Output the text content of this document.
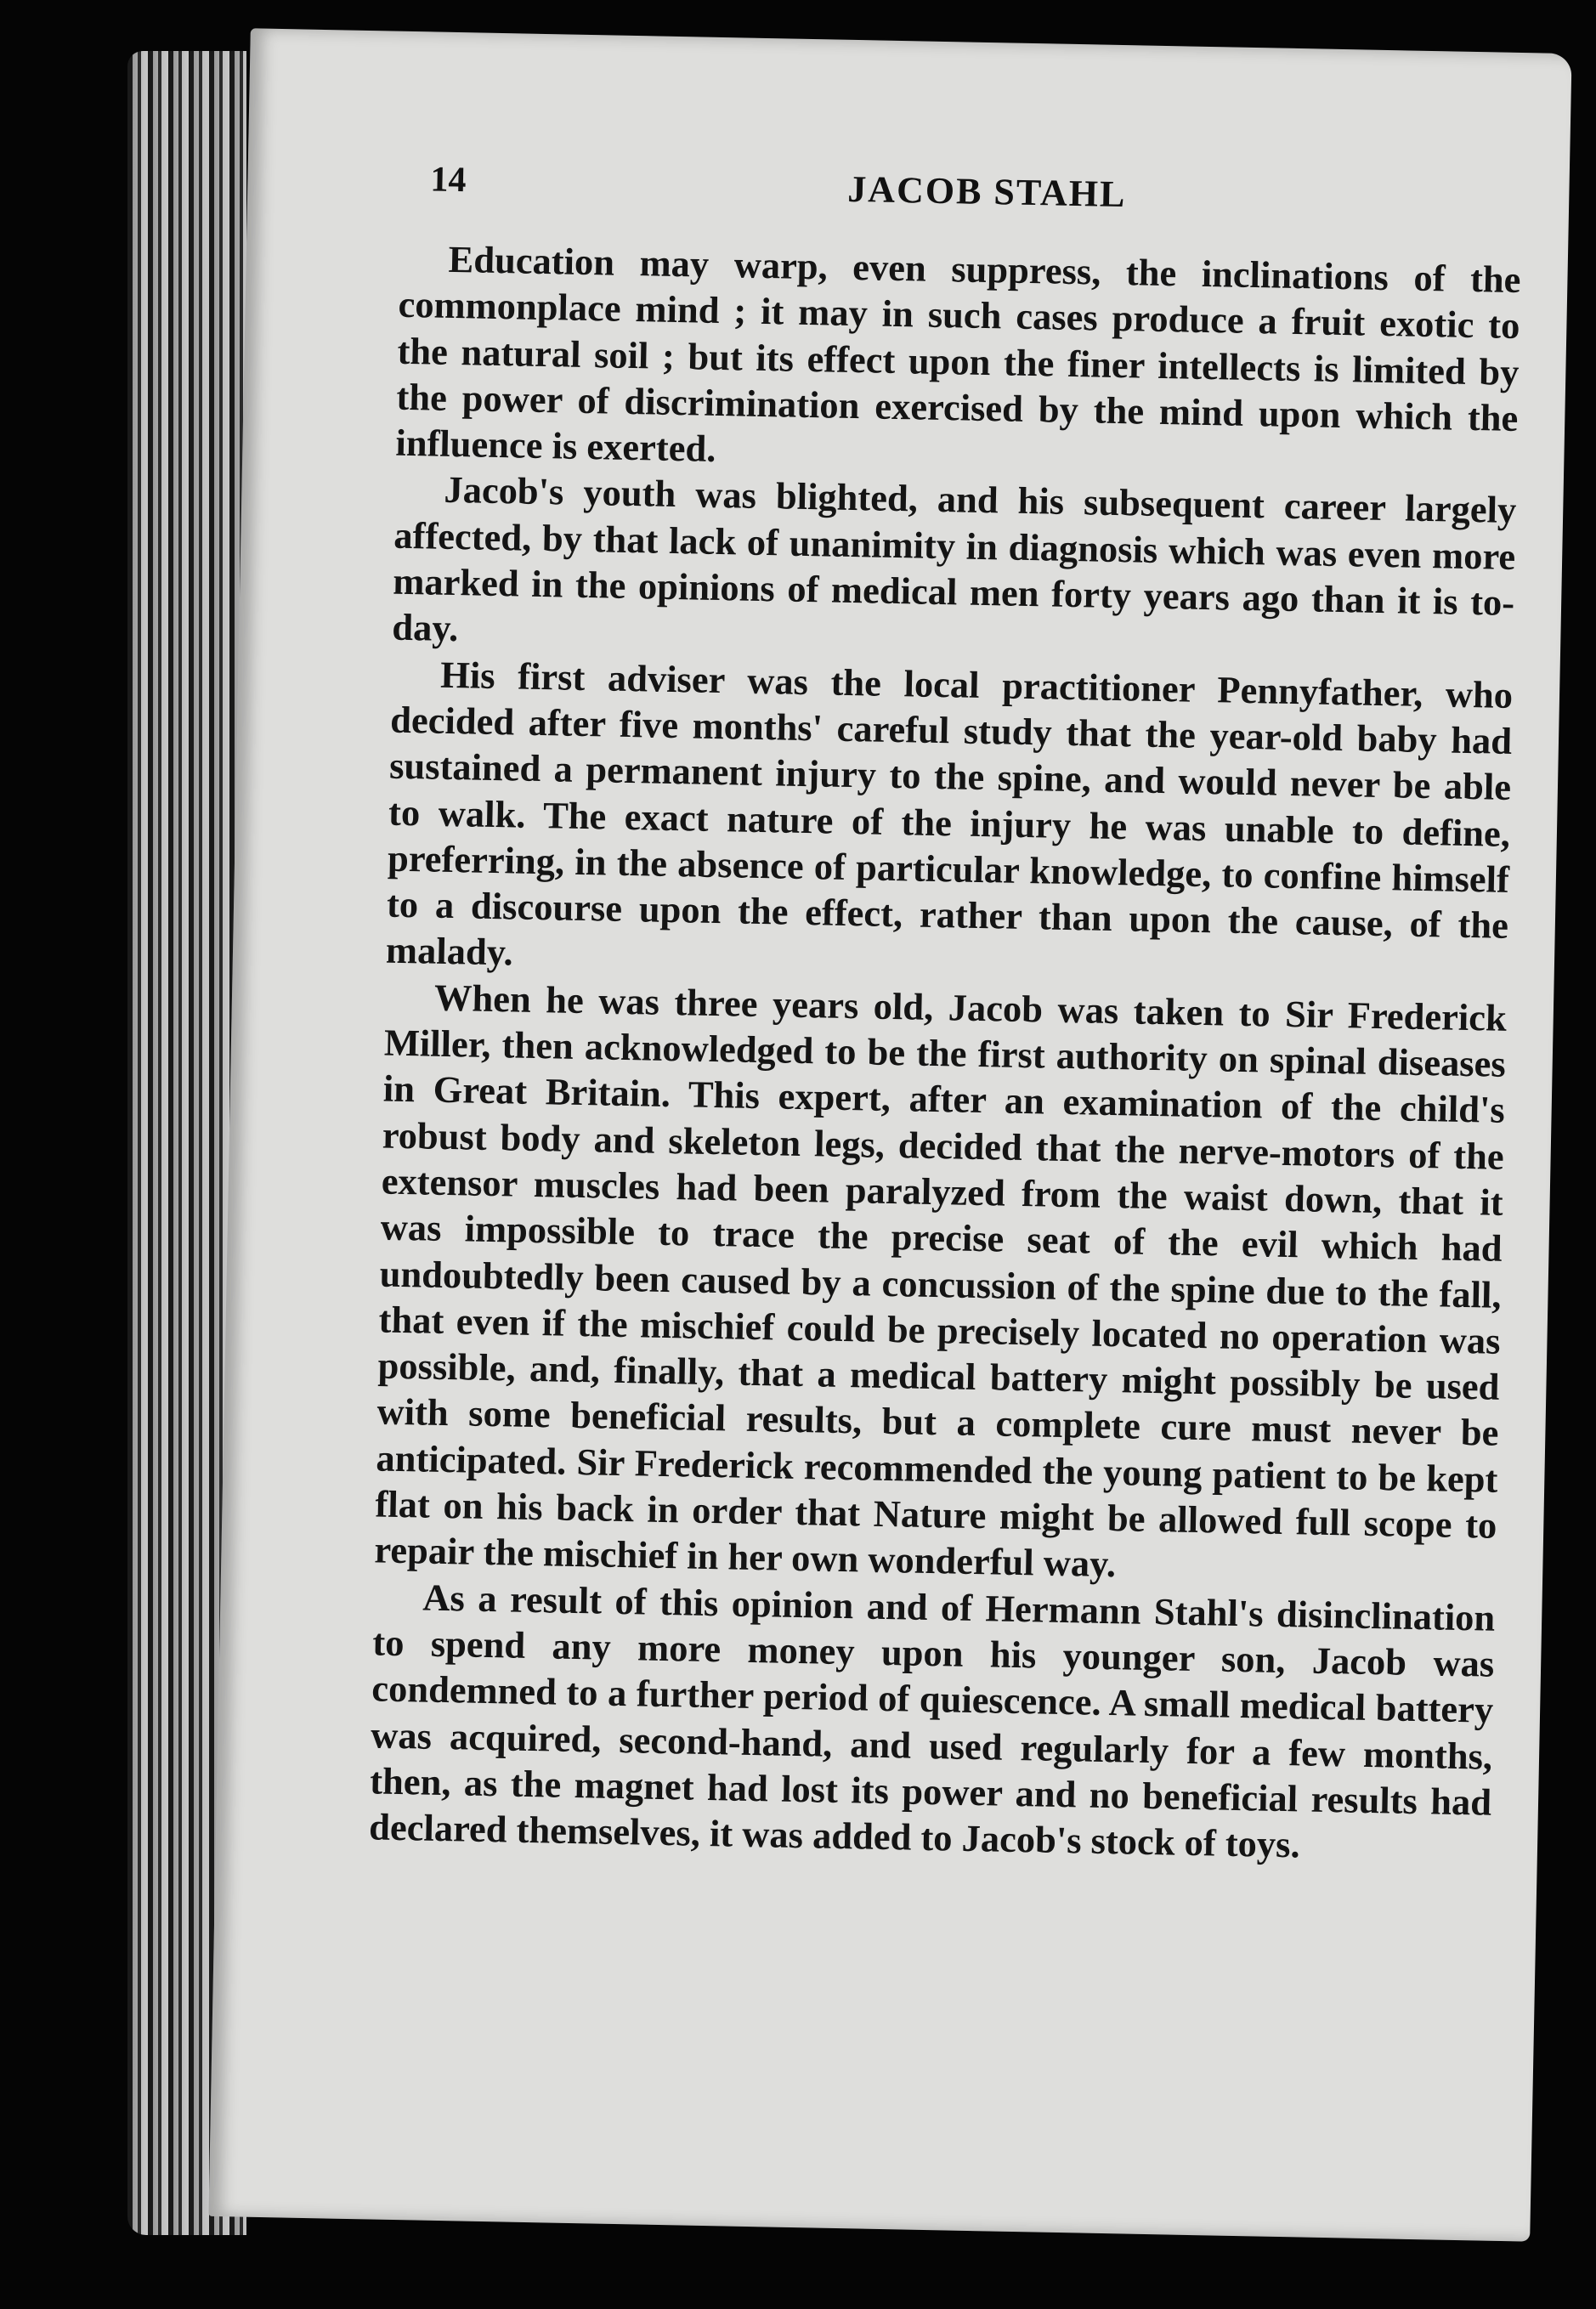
14	JACOB STAHL

Education may warp, even suppress, the inclinations of the commonplace mind ; it may in such cases produce a fruit exotic to the natural soil ; but its effect upon the finer intellects is limited by the power of discrimination exercised by the mind upon which the influence is exerted.

Jacob's youth was blighted, and his subsequent career largely affected, by that lack of unanimity in diagnosis which was even more marked in the opinions of medical men forty years ago than it is to-day.

His first adviser was the local practitioner Pennyfather, who decided after five months' careful study that the year-old baby had sustained a permanent injury to the spine, and would never be able to walk. The exact nature of the injury he was unable to define, preferring, in the absence of particular knowledge, to confine himself to a discourse upon the effect, rather than upon the cause, of the malady.

When he was three years old, Jacob was taken to Sir Frederick Miller, then acknowledged to be the first authority on spinal diseases in Great Britain. This expert, after an examination of the child's robust body and skeleton legs, decided that the nerve-motors of the extensor muscles had been paralyzed from the waist down, that it was impossible to trace the precise seat of the evil which had undoubtedly been caused by a concussion of the spine due to the fall, that even if the mischief could be precisely located no operation was possible, and, finally, that a medical battery might possibly be used with some beneficial results, but a complete cure must never be anticipated. Sir Frederick recommended the young patient to be kept flat on his back in order that Nature might be allowed full scope to repair the mischief in her own wonderful way.

As a result of this opinion and of Hermann Stahl's disinclination to spend any more money upon his younger son, Jacob was condemned to a further period of quiescence. A small medical battery was acquired, second-hand, and used regularly for a few months, then, as the magnet had lost its power and no beneficial results had declared themselves, it was added to Jacob's stock of toys.
